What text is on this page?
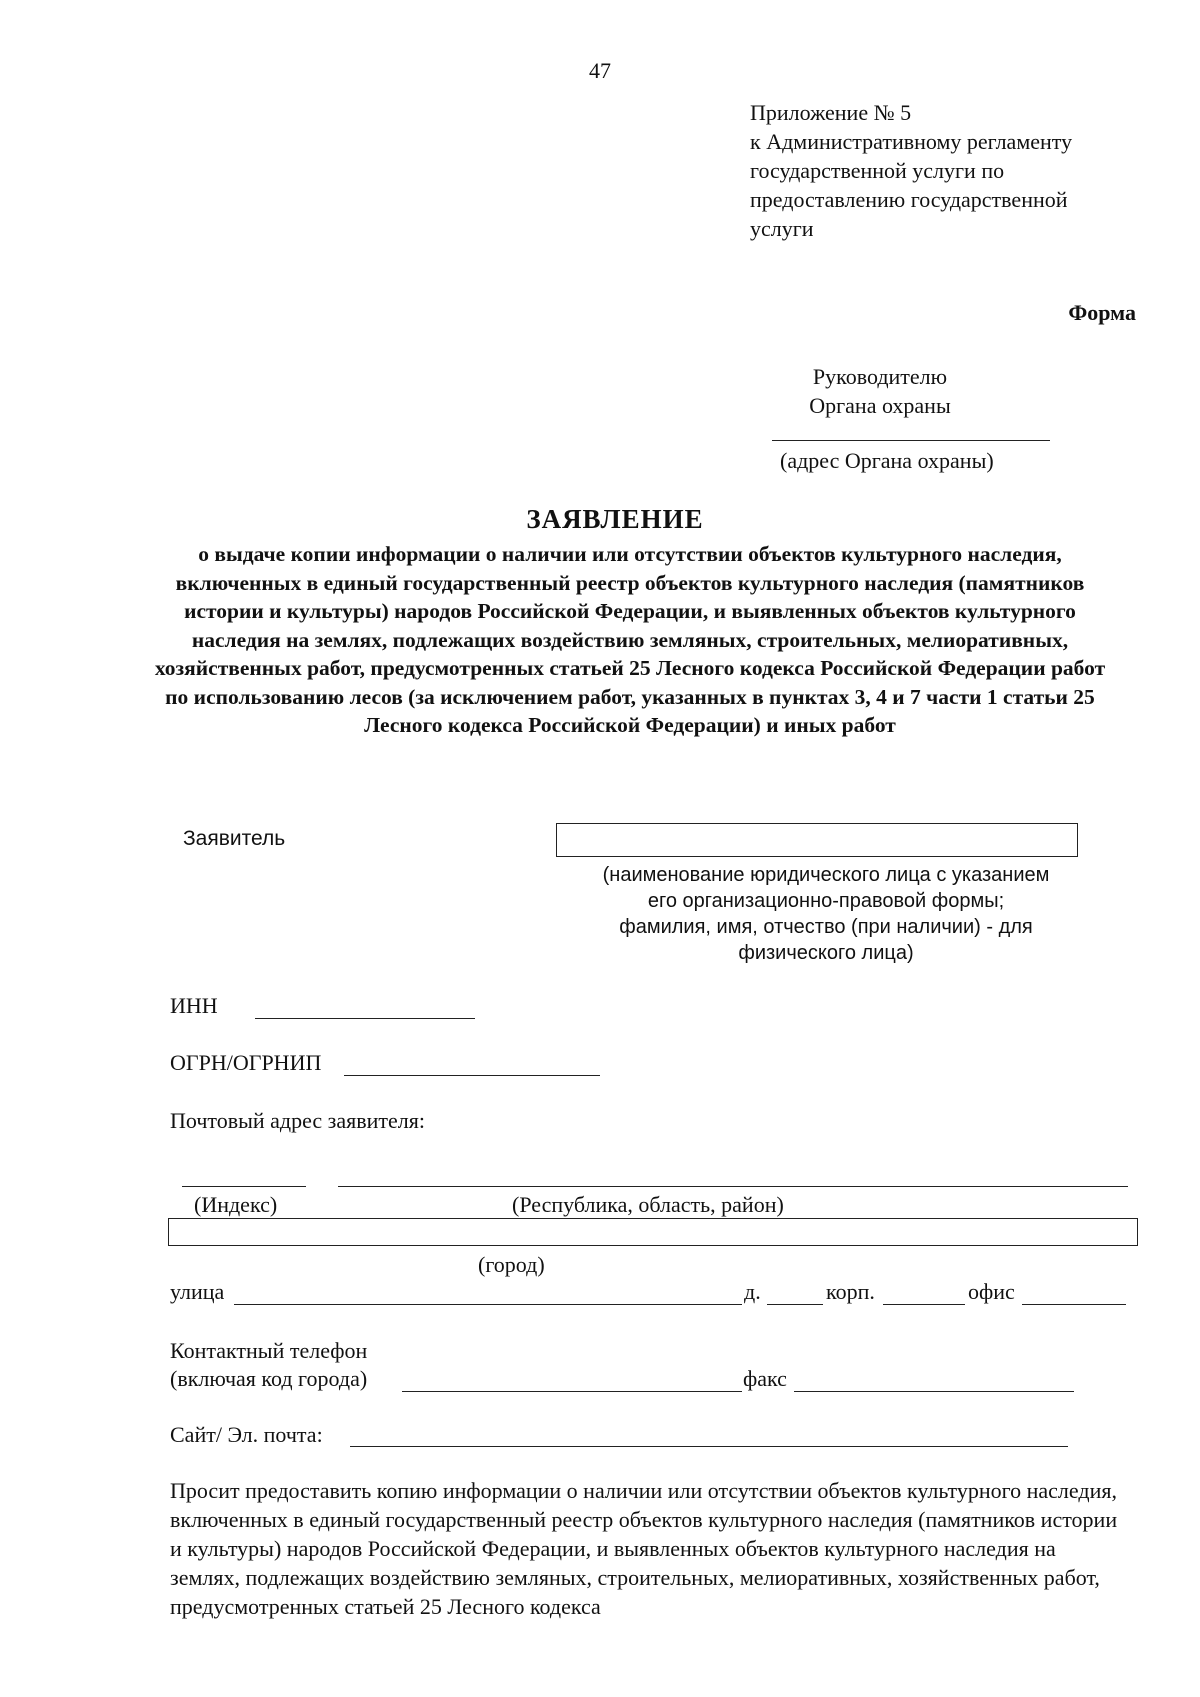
47
Приложение № 5
к Административному регламенту
государственной услуги по
предоставлению государственной
услуги
Форма
Руководителю
Органа охраны
(адрес Органа охраны)
ЗАЯВЛЕНИЕ
о выдаче копии информации о наличии или отсутствии объектов культурного наследия, включенных в единый государственный реестр объектов культурного наследия (памятников истории и культуры) народов Российской Федерации, и выявленных объектов культурного наследия на землях, подлежащих воздействию земляных, строительных, мелиоративных, хозяйственных работ, предусмотренных статьей 25 Лесного кодекса Российской Федерации работ по использованию лесов (за исключением работ, указанных в пунктах 3, 4 и 7 части 1 статьи 25 Лесного кодекса Российской Федерации) и иных работ
Заявитель
(наименование юридического лица с указанием
его организационно-правовой формы;
фамилия, имя, отчество (при наличии) - для
физического лица)
ИНН
ОГРН/ОГРНИП
Почтовый адрес заявителя:
(Индекс)	(Республика, область, район)
(город)
улица	д.	корп.	офис
Контактный телефон
(включая код города)	факс
Сайт/ Эл. почта:
Просит предоставить копию информации о наличии или отсутствии объектов культурного наследия, включенных в единый государственный реестр объектов культурного наследия (памятников истории и культуры) народов Российской Федерации, и выявленных объектов культурного наследия на землях, подлежащих воздействию земляных, строительных, мелиоративных, хозяйственных работ, предусмотренных статьей 25 Лесного кодекса
